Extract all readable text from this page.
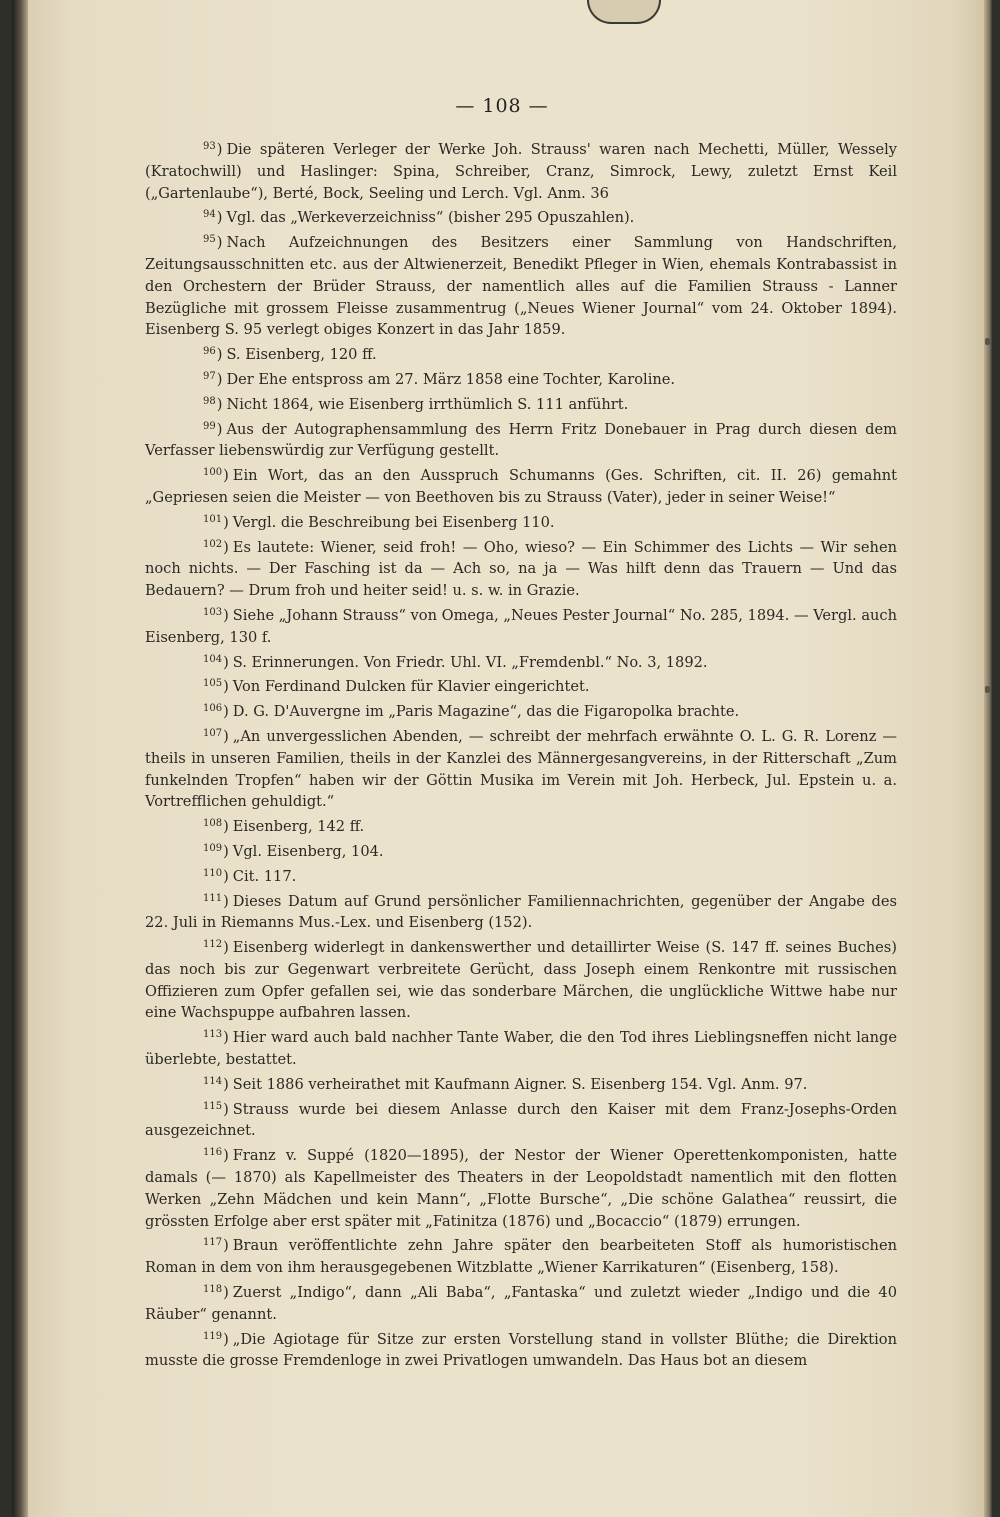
— 108 —

93) Die späteren Verleger der Werke Joh. Strauss' waren nach Mechetti, Müller, Wessely (Kratochwill) und Haslinger: Spina, Schreiber, Cranz, Simrock, Lewy, zuletzt Ernst Keil („Gartenlaube“), Berté, Bock, Seeling und Lerch. Vgl. Anm. 36

94) Vgl. das „Werkeverzeichniss“ (bisher 295 Opuszahlen).

95) Nach Aufzeichnungen des Besitzers einer Sammlung von Handschriften, Zeitungsausschnitten etc. aus der Altwienerzeit, Benedikt Pfleger in Wien, ehemals Kontrabassist in den Orchestern der Brüder Strauss, der namentlich alles auf die Familien Strauss - Lanner Bezügliche mit grossem Fleisse zusammentrug („Neues Wiener Journal“ vom 24. Oktober 1894). Eisenberg S. 95 verlegt obiges Konzert in das Jahr 1859.

96) S. Eisenberg, 120 ff.

97) Der Ehe entspross am 27. März 1858 eine Tochter, Karoline.

98) Nicht 1864, wie Eisenberg irrthümlich S. 111 anführt.

99) Aus der Autographensammlung des Herrn Fritz Donebauer in Prag durch diesen dem Verfasser liebenswürdig zur Verfügung gestellt.

100) Ein Wort, das an den Ausspruch Schumanns (Ges. Schriften, cit. II. 26) gemahnt „Gepriesen seien die Meister — von Beethoven bis zu Strauss (Vater), jeder in seiner Weise!“

101) Vergl. die Beschreibung bei Eisenberg 110.

102) Es lautete: Wiener, seid froh! — Oho, wieso? — Ein Schimmer des Lichts — Wir sehen noch nichts. — Der Fasching ist da — Ach so, na ja — Was hilft denn das Trauern — Und das Bedauern? — Drum froh und heiter seid! u. s. w. in Grazie.

103) Siehe „Johann Strauss“ von Omega, „Neues Pester Journal“ No. 285, 1894. — Vergl. auch Eisenberg, 130 f.

104) S. Erinnerungen. Von Friedr. Uhl. VI. „Fremdenbl.“ No. 3, 1892.

105) Von Ferdinand Dulcken für Klavier eingerichtet.

106) D. G. D'Auvergne im „Paris Magazine“, das die Figaropolka brachte.

107) „An unvergesslichen Abenden, — schreibt der mehrfach erwähnte O. L. G. R. Lorenz — theils in unseren Familien, theils in der Kanzlei des Männergesangvereins, in der Ritterschaft „Zum funkelnden Tropfen“ haben wir der Göttin Musika im Verein mit Joh. Herbeck, Jul. Epstein u. a. Vortrefflichen gehuldigt.“

108) Eisenberg, 142 ff.

109) Vgl. Eisenberg, 104.

110) Cit. 117.

111) Dieses Datum auf Grund persönlicher Familiennachrichten, gegenüber der Angabe des 22. Juli in Riemanns Mus.-Lex. und Eisenberg (152).

112) Eisenberg widerlegt in dankenswerther und detaillirter Weise (S. 147 ff. seines Buches) das noch bis zur Gegenwart verbreitete Gerücht, dass Joseph einem Renkontre mit russischen Offizieren zum Opfer gefallen sei, wie das sonderbare Märchen, die unglückliche Wittwe habe nur eine Wachspuppe aufbahren lassen.

113) Hier ward auch bald nachher Tante Waber, die den Tod ihres Lieblingsneffen nicht lange überlebte, bestattet.

114) Seit 1886 verheirathet mit Kaufmann Aigner. S. Eisenberg 154. Vgl. Anm. 97.

115) Strauss wurde bei diesem Anlasse durch den Kaiser mit dem Franz-Josephs-Orden ausgezeichnet.

116) Franz v. Suppé (1820—1895), der Nestor der Wiener Operettenkomponisten, hatte damals (— 1870) als Kapellmeister des Theaters in der Leopoldstadt namentlich mit den flotten Werken „Zehn Mädchen und kein Mann“, „Flotte Bursche“, „Die schöne Galathea“ reussirt, die grössten Erfolge aber erst später mit „Fatinitza (1876) und „Bocaccio“ (1879) errungen.

117) Braun veröffentlichte zehn Jahre später den bearbeiteten Stoff als humoristischen Roman in dem von ihm herausgegebenen Witzblatte „Wiener Karrikaturen“ (Eisenberg, 158).

118) Zuerst „Indigo“, dann „Ali Baba“, „Fantaska“ und zuletzt wieder „Indigo und die 40 Räuber“ genannt.

119) „Die Agiotage für Sitze zur ersten Vorstellung stand in vollster Blüthe; die Direktion musste die grosse Fremdenloge in zwei Privatlogen umwandeln. Das Haus bot an diesem
